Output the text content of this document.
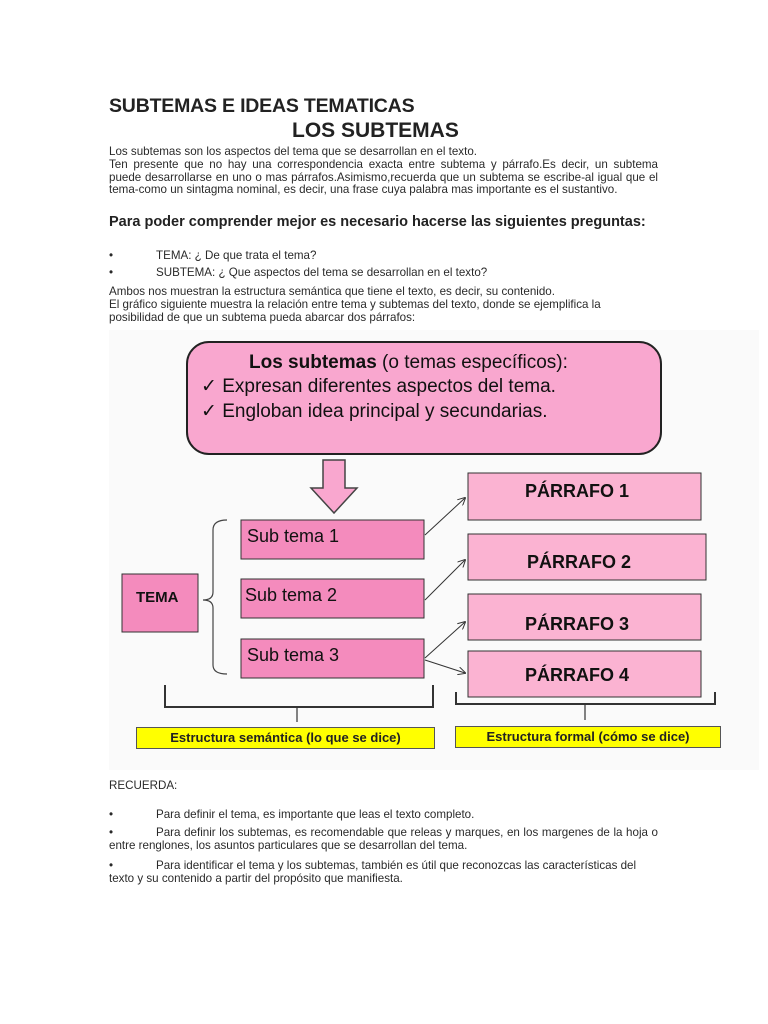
SUBTEMAS E IDEAS TEMATICAS
LOS SUBTEMAS
Los subtemas son los aspectos del tema que se desarrollan en el texto.
Ten presente que no hay una correspondencia exacta entre subtema y párrafo.Es decir, un subtema puede desarrollarse en uno o mas párrafos.Asimismo,recuerda que un subtema se escribe-al igual que el tema-como un sintagma nominal, es decir, una frase cuya palabra mas importante es el sustantivo.
Para poder comprender mejor es necesario hacerse las siguientes preguntas:
•	TEMA: ¿ De que trata el tema?
•	SUBTEMA: ¿ Que aspectos del tema se desarrollan en el texto?
Ambos nos muestran la estructura semántica que tiene el texto, es decir, su contenido.
El gráfico siguiente muestra la relación entre tema y subtemas del texto, donde se ejemplifica la posibilidad de que un subtema pueda abarcar dos párrafos:
Los subtemas (o temas específicos):
✓ Expresan diferentes aspectos del tema.
✓ Engloban idea principal y secundarias.
TEMA
Sub tema 1
Sub tema 2
Sub tema 3
PÁRRAFO 1
PÁRRAFO 2
PÁRRAFO 3
PÁRRAFO 4
Estructura semántica (lo que se dice)	Estructura formal (cómo se dice)
RECUERDA:
•	Para definir el tema, es importante que leas el texto completo.
•	Para definir los subtemas, es recomendable que releas y marques, en los margenes de la hoja o entre renglones, los asuntos particulares que se desarrollan del tema.
•	Para identificar el tema y los subtemas, también es útil que reconozcas las características del texto y su contenido a partir del propósito que manifiesta.
